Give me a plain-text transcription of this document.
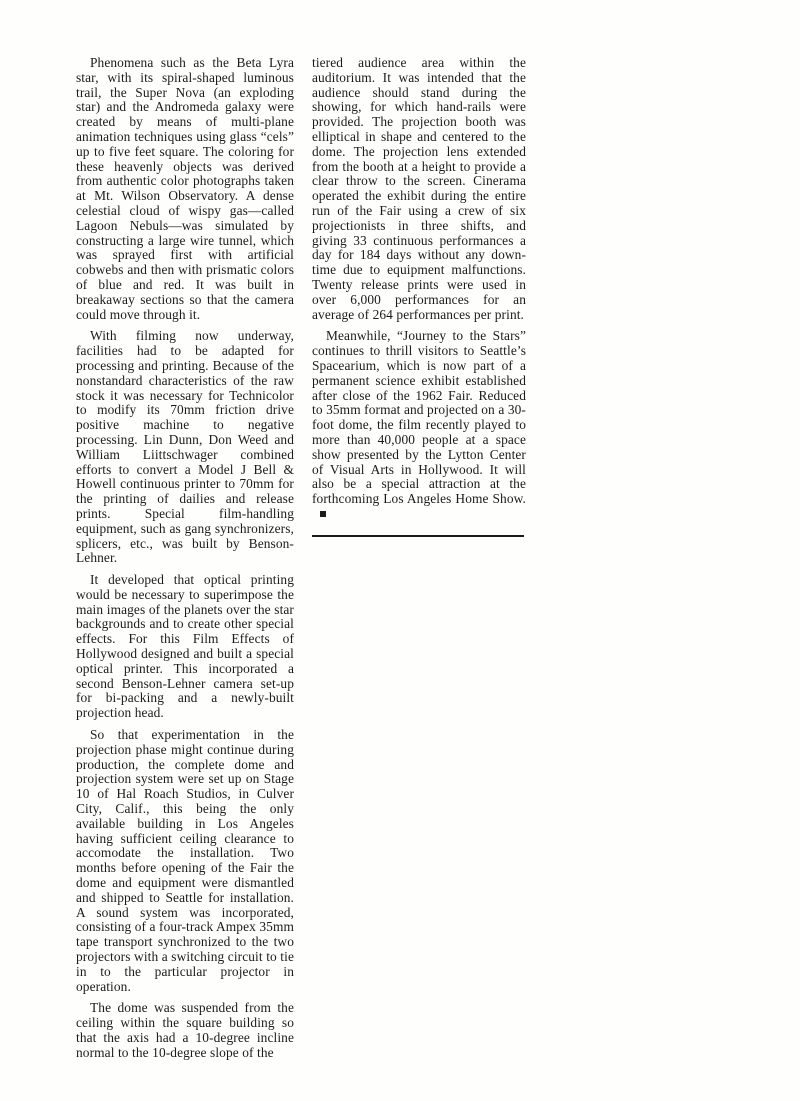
Phenomena such as the Beta Lyra star, with its spiral-shaped luminous trail, the Super Nova (an exploding star) and the Andromeda galaxy were created by means of multi-plane animation techniques using glass “cels” up to five feet square. The coloring for these heavenly objects was derived from authentic color photographs taken at Mt. Wilson Observatory. A dense celestial cloud of wispy gas—called Lagoon Nebuls—was simulated by constructing a large wire tunnel, which was sprayed first with artificial cobwebs and then with prismatic colors of blue and red. It was built in breakaway sections so that the camera could move through it.

With filming now underway, facilities had to be adapted for processing and printing. Because of the nonstandard characteristics of the raw stock it was necessary for Technicolor to modify its 70mm friction drive positive machine to negative processing. Lin Dunn, Don Weed and William Liittschwager combined efforts to convert a Model J Bell & Howell continuous printer to 70mm for the printing of dailies and release prints. Special film-handling equipment, such as gang synchronizers, splicers, etc., was built by Benson-Lehner.

It developed that optical printing would be necessary to superimpose the main images of the planets over the star backgrounds and to create other special effects. For this Film Effects of Hollywood designed and built a special optical printer. This incorporated a second Benson-Lehner camera set-up for bi-packing and a newly-built projection head.

So that experimentation in the projection phase might continue during production, the complete dome and projection system were set up on Stage 10 of Hal Roach Studios, in Culver City, Calif., this being the only available building in Los Angeles having sufficient ceiling clearance to accomodate the installation. Two months before opening of the Fair the dome and equipment were dismantled and shipped to Seattle for installation. A sound system was incorporated, consisting of a four-track Ampex 35mm tape transport synchronized to the two projectors with a switching circuit to tie in to the particular projector in operation.

The dome was suspended from the ceiling within the square building so that the axis had a 10-degree incline normal to the 10-degree slope of the

tiered audience area within the auditorium. It was intended that the audience should stand during the showing, for which hand-rails were provided. The projection booth was elliptical in shape and centered to the dome. The projection lens extended from the booth at a height to provide a clear throw to the screen. Cinerama operated the exhibit during the entire run of the Fair using a crew of six projectionists in three shifts, and giving 33 continuous performances a day for 184 days without any down-time due to equipment malfunctions. Twenty release prints were used in over 6,000 performances for an average of 264 performances per print.

Meanwhile, “Journey to the Stars” continues to thrill visitors to Seattle’s Spacearium, which is now part of a permanent science exhibit established after close of the 1962 Fair. Reduced to 35mm format and projected on a 30-foot dome, the film recently played to more than 40,000 people at a space show presented by the Lytton Center of Visual Arts in Hollywood. It will also be a special attraction at the forthcoming Los Angeles Home Show.
